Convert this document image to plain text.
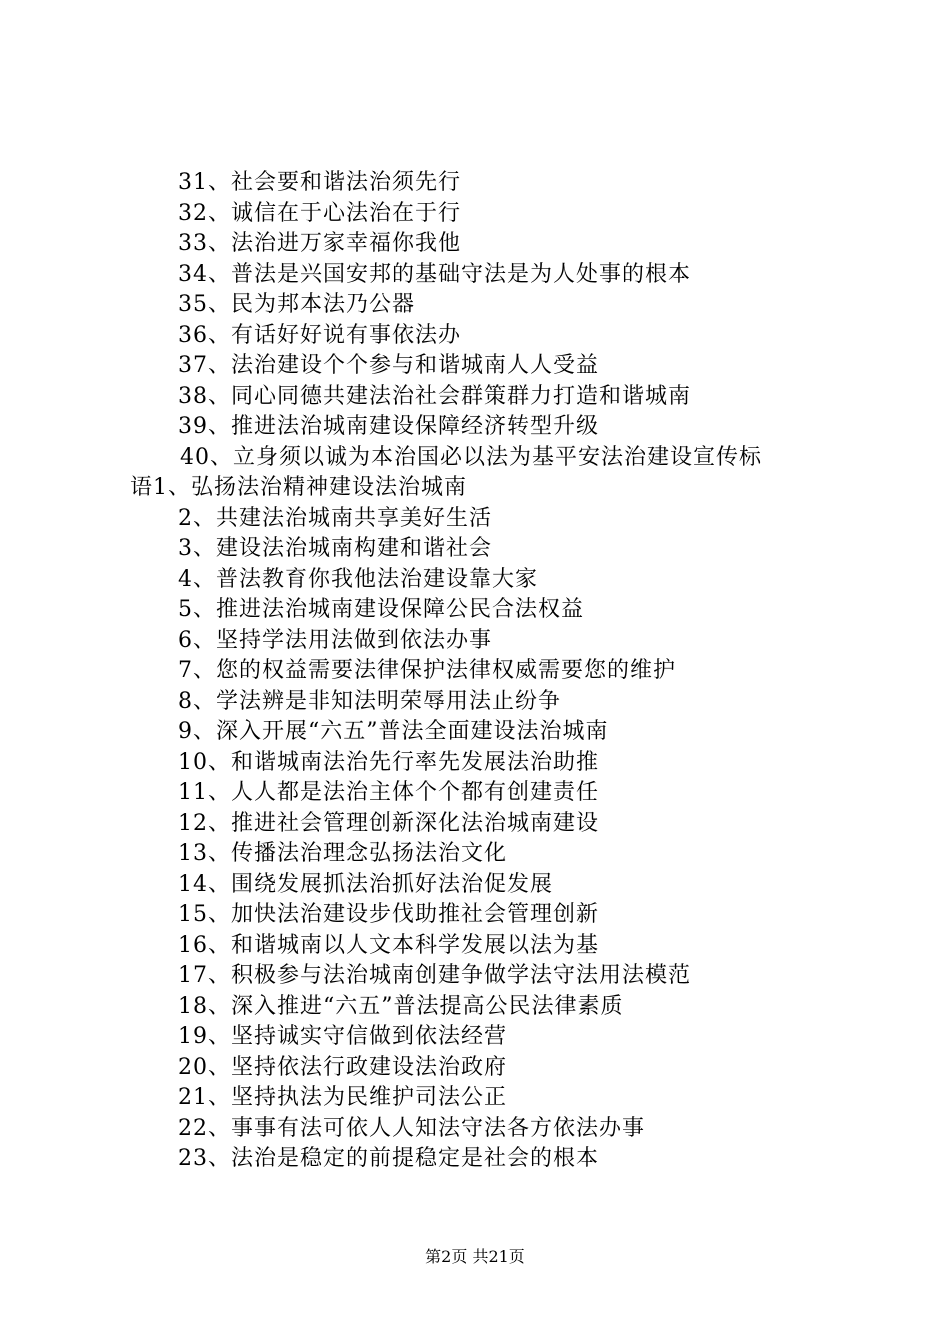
31、社会要和谐法治须先行
32、诚信在于心法治在于行
33、法治进万家幸福你我他
34、普法是兴国安邦的基础守法是为人处事的根本
35、民为邦本法乃公器
36、有话好好说有事依法办
37、法治建设个个参与和谐城南人人受益
38、同心同德共建法治社会群策群力打造和谐城南
39、推进法治城南建设保障经济转型升级
40、立身须以诚为本治国必以法为基平安法治建设宣传标
语1、弘扬法治精神建设法治城南
2、共建法治城南共享美好生活
3、建设法治城南构建和谐社会
4、普法教育你我他法治建设靠大家
5、推进法治城南建设保障公民合法权益
6、坚持学法用法做到依法办事
7、您的权益需要法律保护法律权威需要您的维护
8、学法辨是非知法明荣辱用法止纷争
9、深入开展“六五”普法全面建设法治城南
10、和谐城南法治先行率先发展法治助推
11、人人都是法治主体个个都有创建责任
12、推进社会管理创新深化法治城南建设
13、传播法治理念弘扬法治文化
14、围绕发展抓法治抓好法治促发展
15、加快法治建设步伐助推社会管理创新
16、和谐城南以人文本科学发展以法为基
17、积极参与法治城南创建争做学法守法用法模范
18、深入推进“六五”普法提高公民法律素质
19、坚持诚实守信做到依法经营
20、坚持依法行政建设法治政府
21、坚持执法为民维护司法公正
22、事事有法可依人人知法守法各方依法办事
23、法治是稳定的前提稳定是社会的根本
第2页 共21页
